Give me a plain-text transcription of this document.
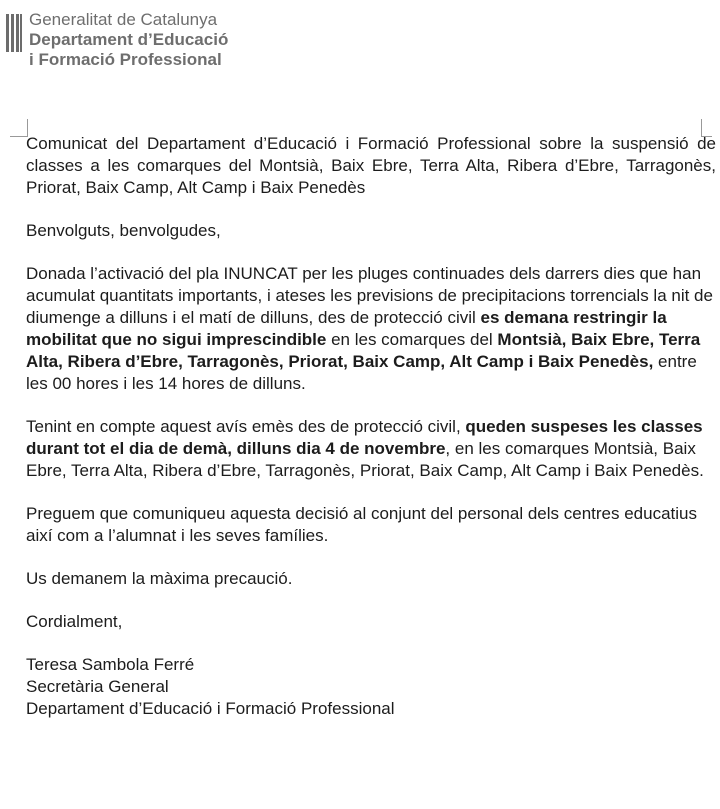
Generalitat de Catalunya
Departament d’Educació
i Formació Professional

Comunicat del Departament d’Educació i Formació Professional sobre la suspensió de classes a les comarques del Montsià, Baix Ebre, Terra Alta, Ribera d’Ebre, Tarragonès, Priorat, Baix Camp, Alt Camp i Baix Penedès

Benvolguts, benvolgudes,

Donada l’activació del pla INUNCAT per les pluges continuades dels darrers dies que han acumulat quantitats importants, i ateses les previsions de precipitacions torrencials la nit de diumenge a dilluns i el matí de dilluns, des de protecció civil es demana restringir la mobilitat que no sigui imprescindible en les comarques del Montsià, Baix Ebre, Terra Alta, Ribera d’Ebre, Tarragonès, Priorat, Baix Camp, Alt Camp i Baix Penedès, entre les 00 hores i les 14 hores de dilluns.

Tenint en compte aquest avís emès des de protecció civil, queden suspeses les classes durant tot el dia de demà, dilluns dia 4 de novembre, en les comarques Montsià, Baix Ebre, Terra Alta, Ribera d’Ebre, Tarragonès, Priorat, Baix Camp, Alt Camp i Baix Penedès.

Preguem que comuniqueu aquesta decisió al conjunt del personal dels centres educatius així com a l’alumnat i les seves famílies.

Us demanem la màxima precaució.

Cordialment,

Teresa Sambola Ferré
Secretària General
Departament d’Educació i Formació Professional
